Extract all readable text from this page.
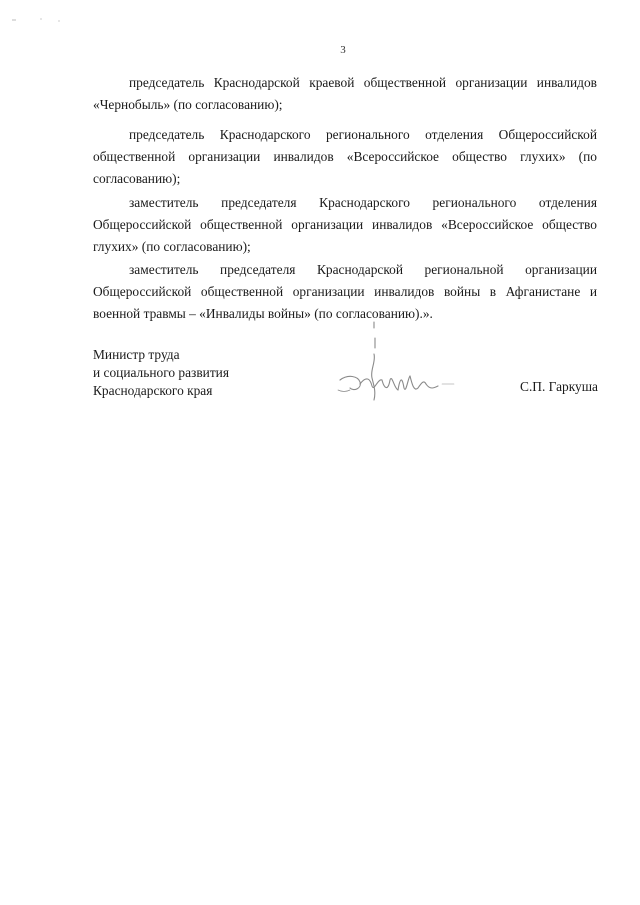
3

председатель Краснодарской краевой общественной организации инвалидов «Чернобыль» (по согласованию);

председатель Краснодарского регионального отделения Общероссийской общественной организации инвалидов «Всероссийское общество глухих» (по согласованию);

заместитель председателя Краснодарского регионального отделения Общероссийской общественной организации инвалидов «Всероссийское общество глухих» (по согласованию);

заместитель председателя Краснодарской региональной организации Общероссийской общественной организации инвалидов войны в Афганистане и военной травмы – «Инвалиды войны» (по согласованию).».

Министр труда
и социального развития
Краснодарского края	С.П. Гаркуша
